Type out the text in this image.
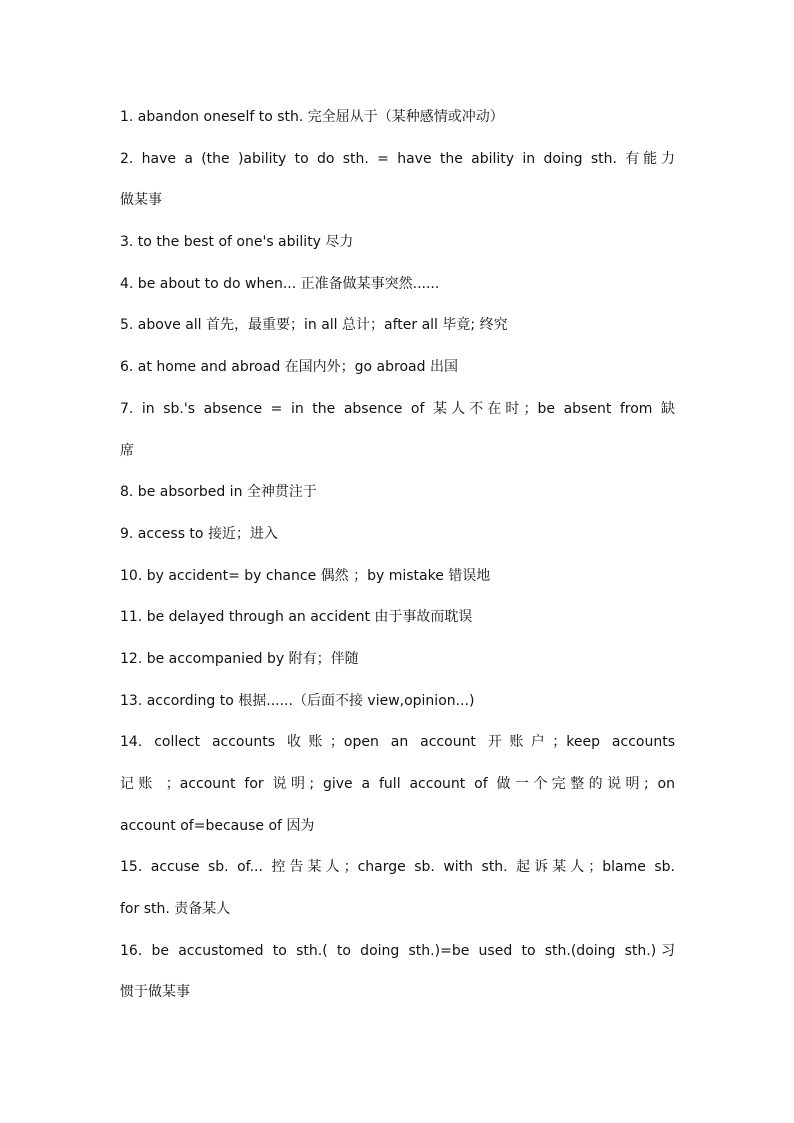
1. abandon oneself to sth. 完全屈从于（某种感情或冲动）

2. have a (the )ability to do sth. = have the ability in doing sth. 有能力

做某事

3. to the best of one's ability 尽力

4. be about to do when... 正准备做某事突然......

5. above all 首先，最重要；in all 总计；after all 毕竟; 终究

6. at home and abroad 在国内外；go abroad 出国

7. in sb.'s absence = in the absence of 某人不在时；be absent from 缺

席

8. be absorbed in 全神贯注于

9. access to 接近；进入

10. by accident= by chance 偶然 ；by mistake 错误地

11. be delayed through an accident 由于事故而耽误

12. be accompanied by 附有；伴随

13. according to 根据......（后面不接 view,opinion...)

14. collect accounts 收账；open an account 开账户；keep accounts

记账 ；account for 说明; give a full account of 做一个完整的说明; on

account of=because of 因为

15. accuse sb. of... 控告某人；charge sb. with sth. 起诉某人；blame sb.

for sth. 责备某人

16. be accustomed to sth.( to doing sth.)=be used to sth.(doing sth.)习

惯于做某事
